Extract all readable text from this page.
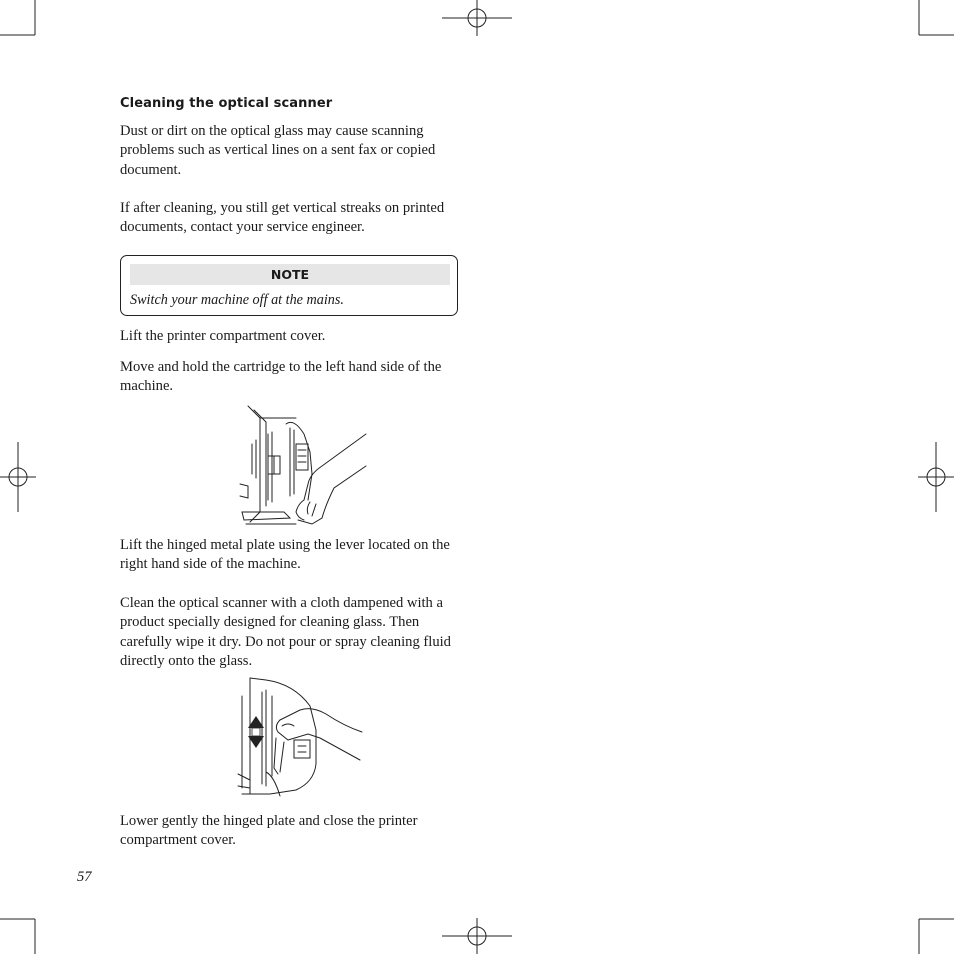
Cleaning the optical scanner

Dust or dirt on the optical glass may cause scanning problems such as vertical lines on a sent fax or copied document.

If after cleaning, you still get vertical streaks on printed documents, contact your service engineer.

NOTE
Switch your machine off at the mains.

Lift the printer compartment cover.

Move and hold the cartridge to the left hand side of the machine.

Lift the hinged metal plate using the lever located on the right hand side of the machine.

Clean the optical scanner with a cloth dampened with a product specially designed for cleaning glass. Then carefully wipe it dry. Do not pour or spray cleaning fluid directly onto the glass.

Lower gently the hinged plate and close the printer compartment cover.

57
